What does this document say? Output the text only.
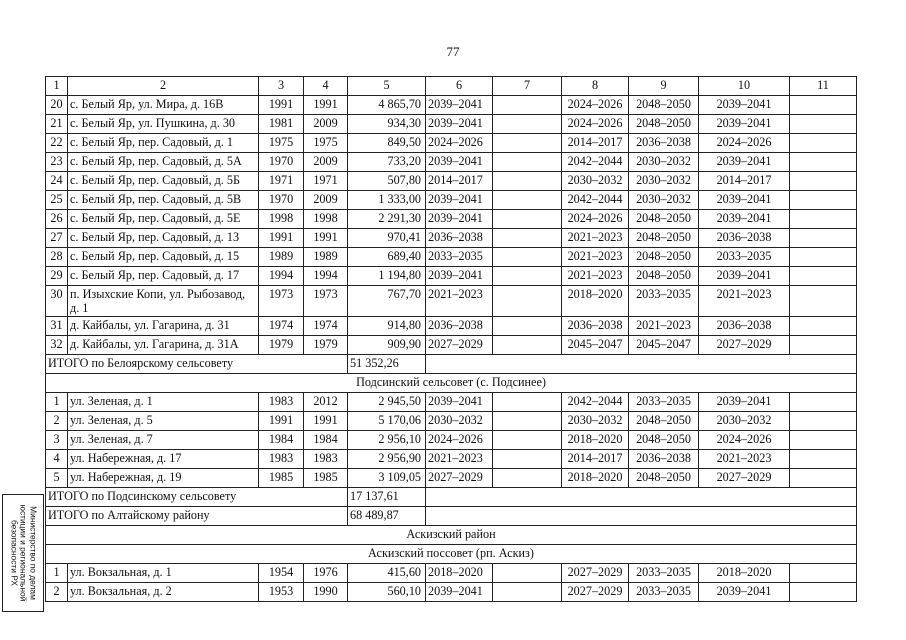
77
1	2	3	4	5	6	7	8	9	10	11
20	с. Белый Яр, ул. Мира, д. 16В	1991	1991	4 865,70	2039–2041		2024–2026	2048–2050	2039–2041	
21	с. Белый Яр, ул. Пушкина, д. 30	1981	2009	934,30	2039–2041		2024–2026	2048–2050	2039–2041	
22	с. Белый Яр, пер. Садовый, д. 1	1975	1975	849,50	2024–2026		2014–2017	2036–2038	2024–2026	
23	с. Белый Яр, пер. Садовый, д. 5А	1970	2009	733,20	2039–2041		2042–2044	2030–2032	2039–2041	
24	с. Белый Яр, пер. Садовый, д. 5Б	1971	1971	507,80	2014–2017		2030–2032	2030–2032	2014–2017	
25	с. Белый Яр, пер. Садовый, д. 5В	1970	2009	1 333,00	2039–2041		2042–2044	2030–2032	2039–2041	
26	с. Белый Яр, пер. Садовый, д. 5Е	1998	1998	2 291,30	2039–2041		2024–2026	2048–2050	2039–2041	
27	с. Белый Яр, пер. Садовый, д. 13	1991	1991	970,41	2036–2038		2021–2023	2048–2050	2036–2038	
28	с. Белый Яр, пер. Садовый, д. 15	1989	1989	689,40	2033–2035		2021–2023	2048–2050	2033–2035	
29	с. Белый Яр, пер. Садовый, д. 17	1994	1994	1 194,80	2039–2041		2021–2023	2048–2050	2039–2041	
30	п. Изыхские Копи, ул. Рыбозавод, д. 1	1973	1973	767,70	2021–2023		2018–2020	2033–2035	2021–2023	
31	д. Кайбалы, ул. Гагарина, д. 31	1974	1974	914,80	2036–2038		2036–2038	2021–2023	2036–2038	
32	д. Кайбалы, ул. Гагарина, д. 31А	1979	1979	909,90	2027–2029		2045–2047	2045–2047	2027–2029	
ИТОГО по Белоярскому сельсовету				51 352,26						
Подсинский сельсовет (с. Подсинее)										
1	ул. Зеленая, д. 1	1983	2012	2 945,50	2039–2041		2042–2044	2033–2035	2039–2041	
2	ул. Зеленая, д. 5	1991	1991	5 170,06	2030–2032		2030–2032	2048–2050	2030–2032	
3	ул. Зеленая, д. 7	1984	1984	2 956,10	2024–2026		2018–2020	2048–2050	2024–2026	
4	ул. Набережная, д. 17	1983	1983	2 956,90	2021–2023		2014–2017	2036–2038	2021–2023	
5	ул. Набережная, д. 19	1985	1985	3 109,05	2027–2029		2018–2020	2048–2050	2027–2029	
ИТОГО по Подсинскому сельсовету				17 137,61						
ИТОГО по Алтайскому району				68 489,87						
Аскизский район										
Аскизский поссовет (рп. Аскиз)										
1	ул. Вокзальная, д. 1	1954	1976	415,60	2018–2020		2027–2029	2033–2035	2018–2020	
2	ул. Вокзальная, д. 2	1953	1990	560,10	2039–2041		2027–2029	2033–2035	2039–2041	
Министерство по делам
юстиции и региональной
безопасности РХ
